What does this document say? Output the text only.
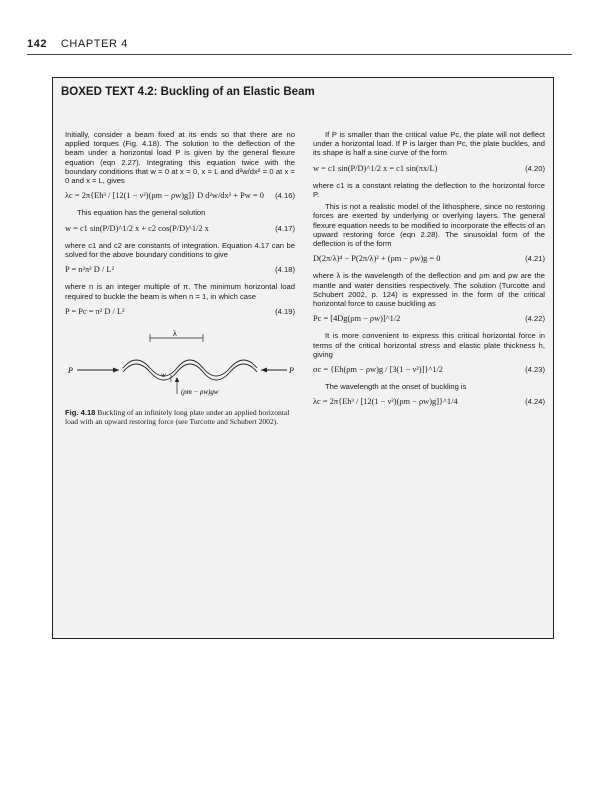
142 CHAPTER 4
BOXED TEXT 4.2: Buckling of an Elastic Beam

Initially, consider a beam fixed at its ends so that there are no applied torques (Fig. 4.18). The solution to the deflection of the beam under a horizontal load P is given by the general flexure equation (eqn 2.27). Integrating this equation twice with the boundary conditions that w = 0 at x = 0, x = L and d²w/dx² = 0 at x = 0 and x = L, gives

λc = 2π{Eh³ / [12(1 − ν²)(ρm − ρw)g]} D d²w/dx² + Pw = 0 (4.16)

This equation has the general solution

w = c1 sin(P/D)^1/2 x + c2 cos(P/D)^1/2 x	(4.17)

where c1 and c2 are constants of integration. Equation 4.17 can be solved for the above boundary conditions to give

P = n²π² D / L²	(4.18)

where n is an integer multiple of π. The minimum horizontal load required to buckle the beam is when n = 1, in which case

P = Pc = π² D / L²	(4.19)
λ
P	P
w
(ρm − ρw)gw
Fig. 4.18 Buckling of an infinitely long plate under an applied horizontal load with an upward restoring force (see Turcotte and Schubert 2002).

If P is smaller than the critical value Pc, the plate will not deflect under a horizontal load. If P is larger than Pc, the plate buckles, and its shape is half a sine curve of the form

w = c1 sin(P/D)^1/2 x = c1 sin(πx/L)	(4.20)

where c1 is a constant relating the deflection to the horizontal force P.

This is not a realistic model of the lithosphere, since no restoring forces are exerted by underlying or overlying layers. The general flexure equation needs to be modified to incorporate the effects of an upward restoring force (eqn 2.28). The sinusoidal form of the deflection is of the form

D(2π/λ)⁴ − P(2π/λ)² + (ρm − ρw)g = 0	(4.21)

where λ is the wavelength of the deflection and ρm and ρw are the mantle and water densities respectively. The solution (Turcotte and Schubert 2002, p. 124) is expressed in the form of the critical horizontal force to cause buckling as

Pc = [4Dg(ρm − ρw)]^1/2	(4.22)

It is more convenient to express this critical horizontal force in terms of the critical horizontal stress and elastic plate thickness h, giving

σc = {Eh(ρm − ρw)g / [3(1 − ν²)]}^1/2	(4.23)

The wavelength at the onset of buckling is

λc = 2π{Eh³ / [12(1 − ν²)(ρm − ρw)g]}^1/4	(4.24)
